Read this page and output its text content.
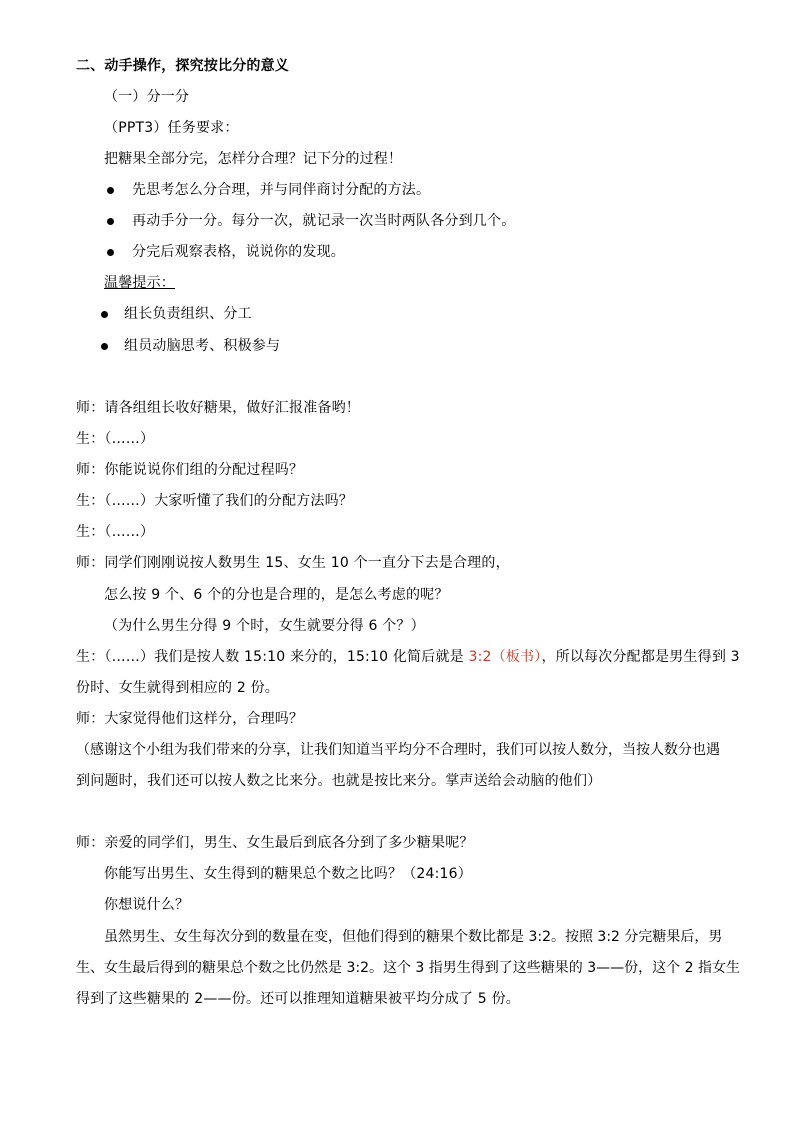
二、动手操作，探究按比分的意义
（一）分一分
（PPT3）任务要求：
把糖果全部分完，怎样分合理？记下分的过程！
先思考怎么分合理，并与同伴商讨分配的方法。
再动手分一分。每分一次，就记录一次当时两队各分到几个。
分完后观察表格，说说你的发现。
温馨提示：
组长负责组织、分工
组员动脑思考、积极参与
师：请各组组长收好糖果，做好汇报准备哟！
生：（……）
师：你能说说你们组的分配过程吗？
生：（……）大家听懂了我们的分配方法吗？
生：（……）
师：同学们刚刚说按人数男生 15、女生 10 个一直分下去是合理的，
怎么按 9 个、6 个的分也是合理的，是怎么考虑的呢？
（为什么男生分得 9 个时，女生就要分得 6 个？）
生：（……）我们是按人数 15:10 来分的，15:10 化简后就是 3:2（板书），所以每次分配都是男生得到 3
份时、女生就得到相应的 2 份。
师：大家觉得他们这样分，合理吗？
（感谢这个小组为我们带来的分享，让我们知道当平均分不合理时，我们可以按人数分，当按人数分也遇
到问题时，我们还可以按人数之比来分。也就是按比来分。掌声送给会动脑的他们）
师：亲爱的同学们，男生、女生最后到底各分到了多少糖果呢？
你能写出男生、女生得到的糖果总个数之比吗？（24:16）
你想说什么？
虽然男生、女生每次分到的数量在变，但他们得到的糖果个数比都是 3:2。按照 3:2 分完糖果后，男
生、女生最后得到的糖果总个数之比仍然是 3:2。这个 3 指男生得到了这些糖果的 3——份，这个 2 指女生
得到了这些糖果的 2——份。还可以推理知道糖果被平均分成了 5 份。
